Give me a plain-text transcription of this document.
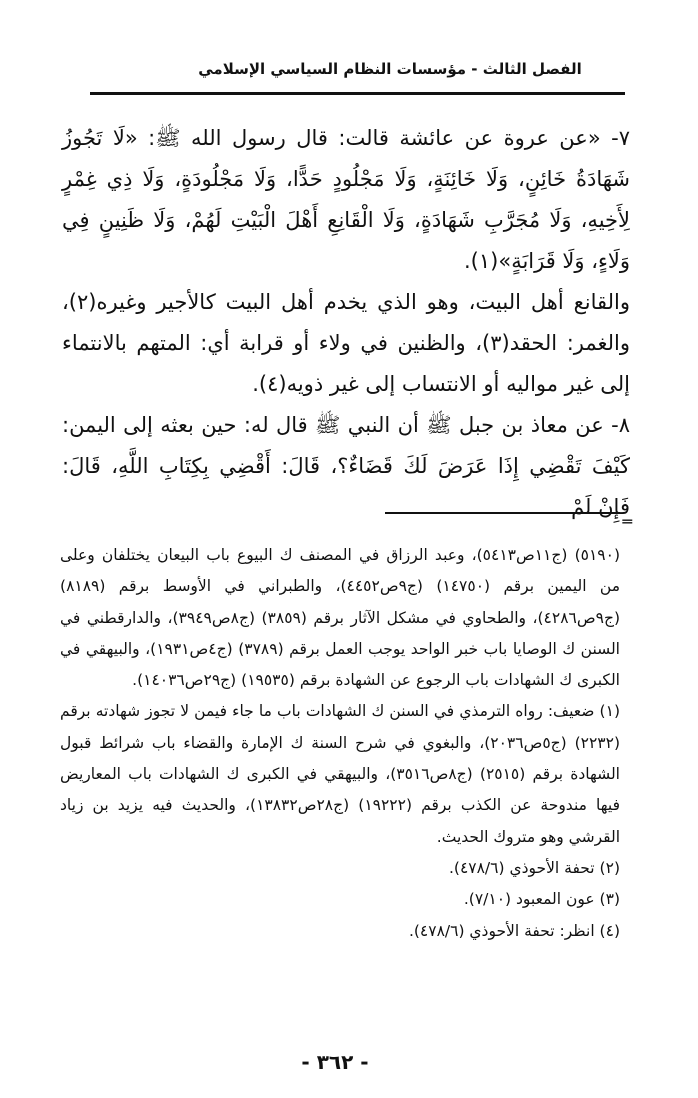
الفصل الثالث - مؤسسات النظام السياسي الإسلامي

٧- «عن عروة عن عائشة قالت: قال رسول الله ﷺ: «لَا تَجُوزُ شَهَادَةُ خَائِنٍ، وَلَا خَائِنَةٍ، وَلَا مَجْلُودٍ حَدًّا، وَلَا مَجْلُودَةٍ، وَلَا ذِي غِمْرٍ لِأَخِيهِ، وَلَا مُجَرَّبِ شَهَادَةٍ، وَلَا الْقَانِعِ أَهْلَ الْبَيْتِ لَهُمْ، وَلَا ظَنِينٍ فِي وَلَاءٍ، وَلَا قَرَابَةٍ»(١).

والقانع أهل البيت، وهو الذي يخدم أهل البيت كالأجير وغيره(٢)، والغمر: الحقد(٣)، والظنين في ولاء أو قرابة أي: المتهم بالانتماء إلى غير مواليه أو الانتساب إلى غير ذويه(٤).

٨- عن معاذ بن جبل ﷺ أن النبي ﷺ قال له: حين بعثه إلى اليمن: كَيْفَ تَقْضِي إِذَا عَرَضَ لَكَ قَضَاءٌ؟، قَالَ: أَقْضِي بِكِتَابِ اللَّهِ، قَالَ: فَإِنْ لَمْ

═

(٥١٩٠) (ج١١ص٥٤١٣)، وعبد الرزاق في المصنف ك البيوع باب البيعان يختلفان وعلى من اليمين برقم (١٤٧٥٠) (ج٩ص٤٤٥٢)، والطبراني في الأوسط برقم (٨١٨٩) (ج٩ص٤٢٨٦)، والطحاوي في مشكل الآثار برقم (٣٨٥٩) (ج٨ص٣٩٤٩)، والدارقطني في السنن ك الوصايا باب خبر الواحد يوجب العمل برقم (٣٧٨٩) (ج٤ص١٩٣١)، والبيهقي في الكبرى ك الشهادات باب الرجوع عن الشهادة برقم (١٩٥٣٥) (ج٢٩ص١٤٠٣٦).

(١) ضعيف: رواه الترمذي في السنن ك الشهادات باب ما جاء فيمن لا تجوز شهادته برقم (٢٢٣٢) (ج٥ص٢٠٣٦)، والبغوي في شرح السنة ك الإمارة والقضاء باب شرائط قبول الشهادة برقم (٢٥١٥) (ج٨ص٣٥١٦)، والبيهقي في الكبرى ك الشهادات باب المعاريض فيها مندوحة عن الكذب برقم (١٩٢٢٢) (ج٢٨ص١٣٨٣٢)، والحديث فيه يزيد بن زياد القرشي وهو متروك الحديث.

(٢) تحفة الأحوذي (٤٧٨/٦).

(٣) عون المعبود (٧/١٠).

(٤) انظر: تحفة الأحوذي (٤٧٨/٦).

- ٣٦٢ -
